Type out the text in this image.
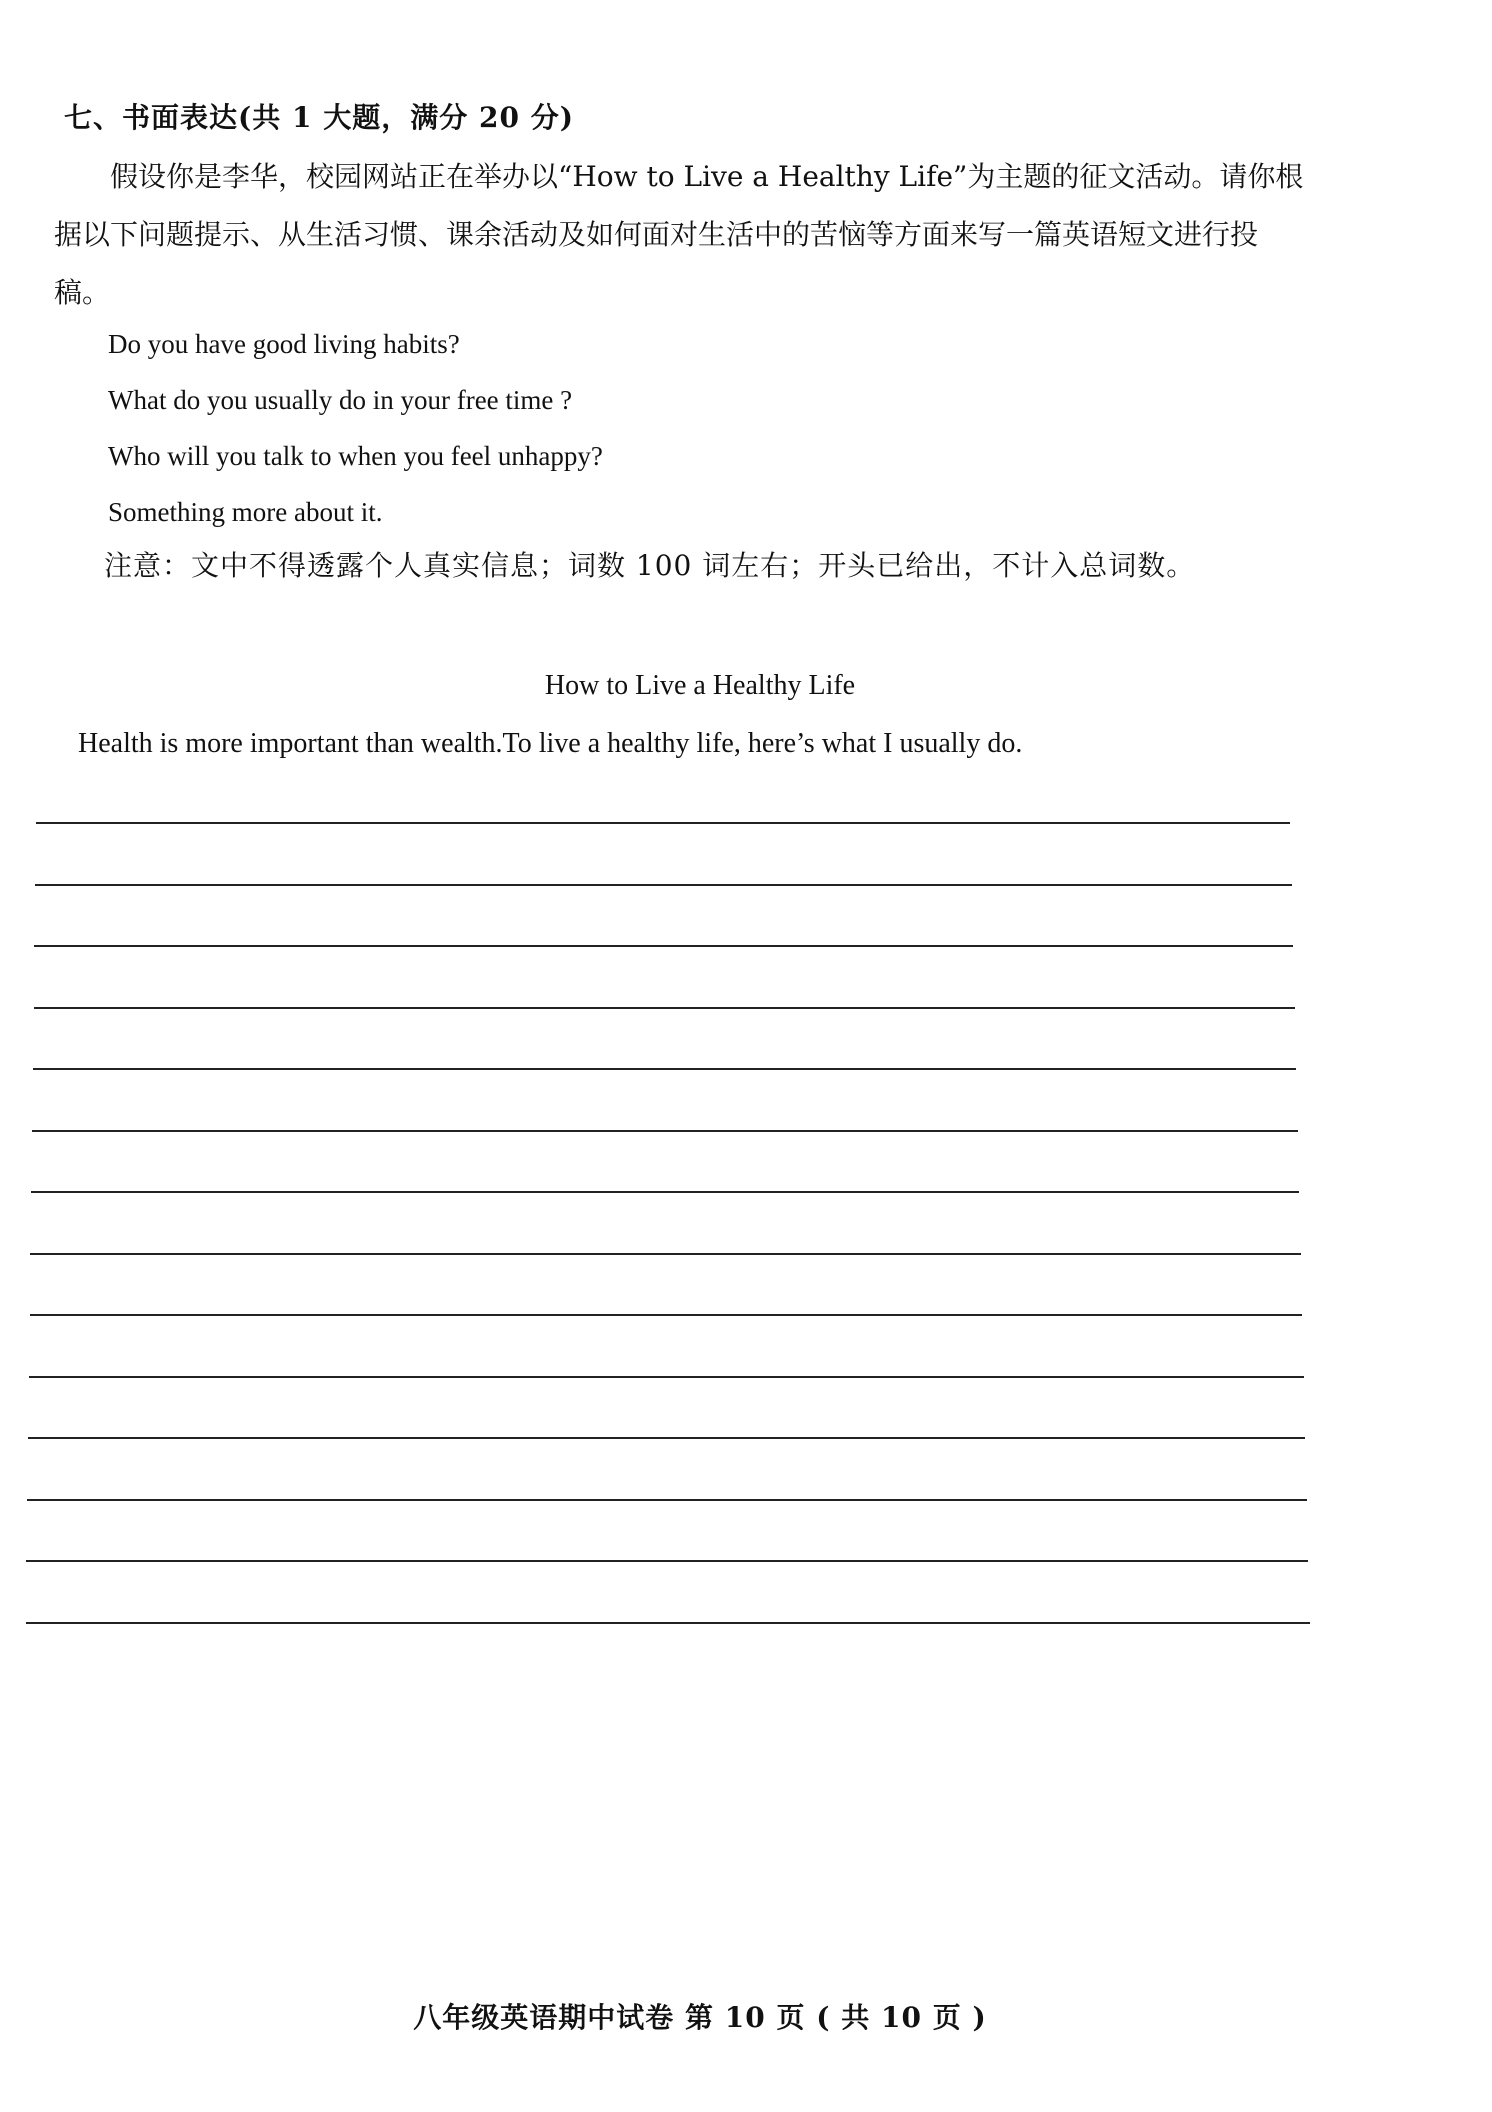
七、书面表达(共 1 大题，满分 20 分)
假设你是李华，校园网站正在举办以“How to Live a Healthy Life”为主题的征文活动。请你根据以下问题提示、从生活习惯、课余活动及如何面对生活中的苦恼等方面来写一篇英语短文进行投稿。
Do you have good living habits?
What do you usually do in your free time ?
Who will you talk to when you feel unhappy?
Something more about it.
注意：文中不得透露个人真实信息；词数 100 词左右；开头已给出，不计入总词数。
How to Live a Healthy Life
Health is more important than wealth.To live a healthy life, here’s what I usually do.
八年级英语期中试卷 第 10 页 ( 共 10 页 )
